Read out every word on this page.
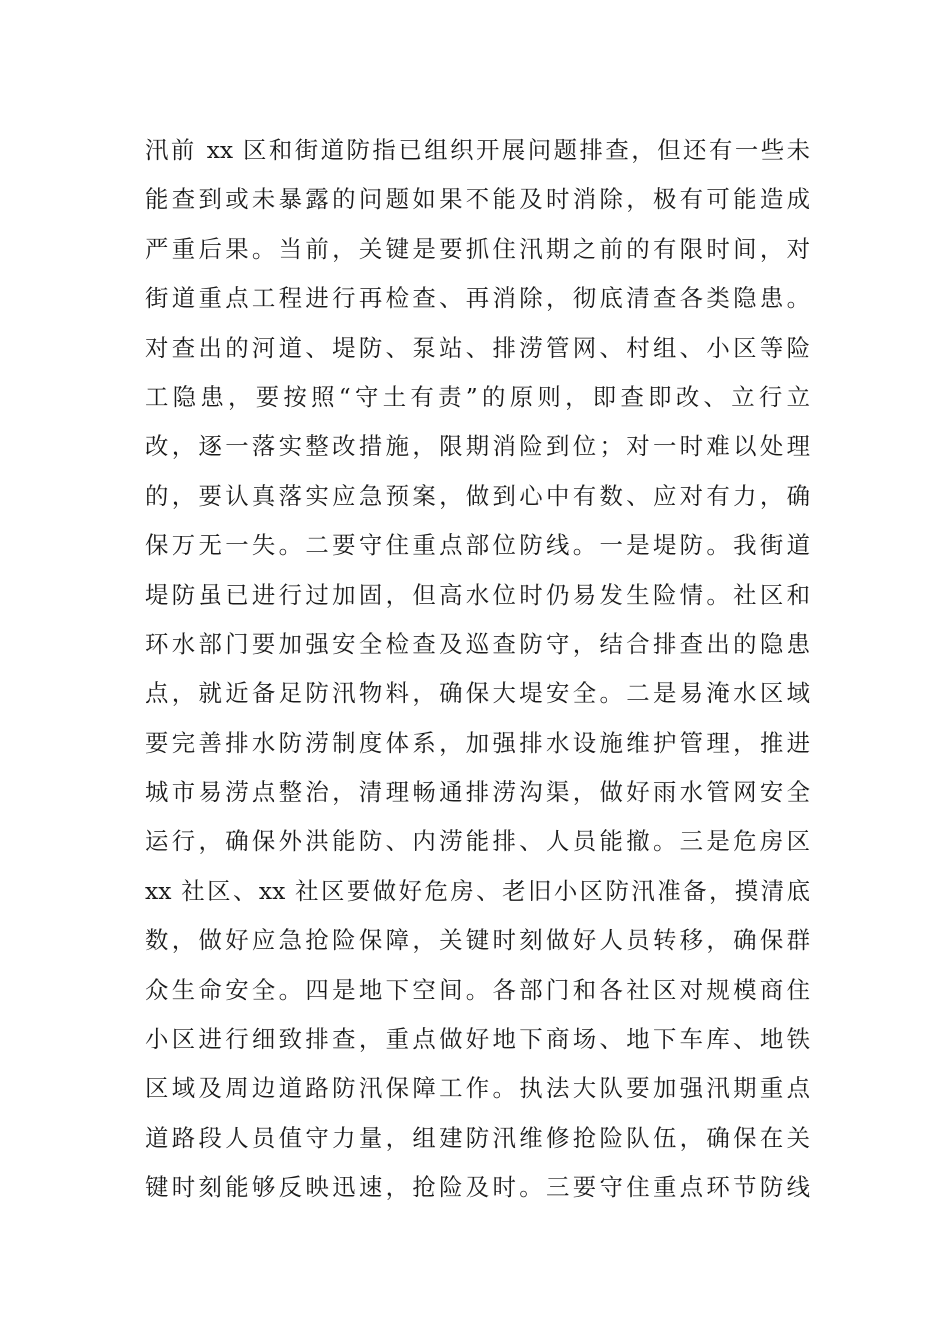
汛前 xx 区和街道防指已组织开展问题排查，但还有一些未
能查到或未暴露的问题如果不能及时消除，极有可能造成
严重后果。当前，关键是要抓住汛期之前的有限时间，对
街道重点工程进行再检查、再消除，彻底清查各类隐患。
对查出的河道、堤防、泵站、排涝管网、村组、小区等险
工隐患，要按照“守土有责”的原则，即查即改、立行立
改，逐一落实整改措施，限期消险到位；对一时难以处理
的，要认真落实应急预案，做到心中有数、应对有力，确
保万无一失。二要守住重点部位防线。一是堤防。我街道
堤防虽已进行过加固，但高水位时仍易发生险情。社区和
环水部门要加强安全检查及巡查防守，结合排查出的隐患
点，就近备足防汛物料，确保大堤安全。二是易淹水区域
要完善排水防涝制度体系，加强排水设施维护管理，推进
城市易涝点整治，清理畅通排涝沟渠，做好雨水管网安全
运行，确保外洪能防、内涝能排、人员能撤。三是危房区
xx 社区、xx 社区要做好危房、老旧小区防汛准备，摸清底
数，做好应急抢险保障，关键时刻做好人员转移，确保群
众生命安全。四是地下空间。各部门和各社区对规模商住
小区进行细致排查，重点做好地下商场、地下车库、地铁
区域及周边道路防汛保障工作。执法大队要加强汛期重点
道路段人员值守力量，组建防汛维修抢险队伍，确保在关
键时刻能够反映迅速，抢险及时。三要守住重点环节防线
